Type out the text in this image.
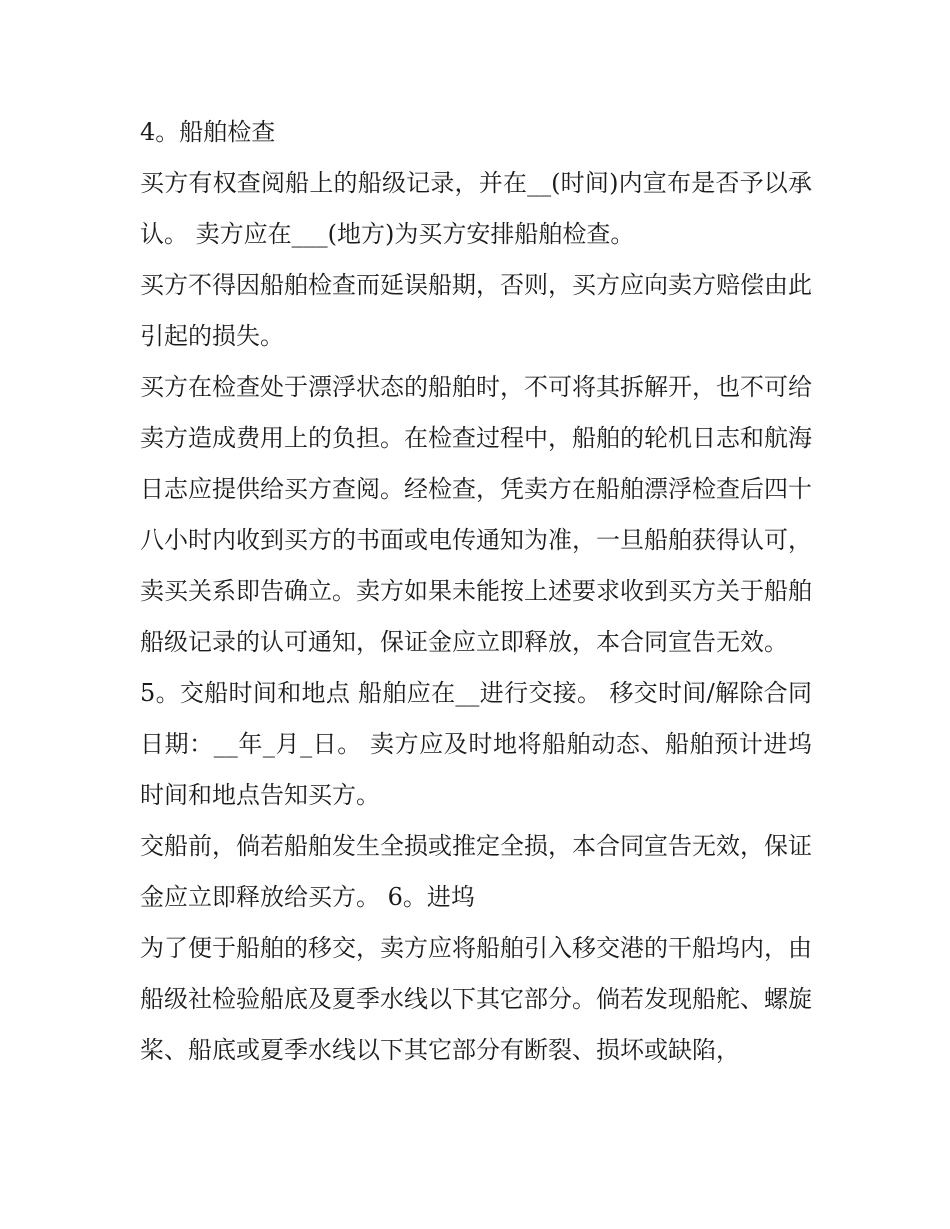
4。船舶检查

买方有权查阅船上的船级记录，并在__(时间)内宣布是否予以承认。 卖方应在___(地方)为买方安排船舶检查。

买方不得因船舶检查而延误船期，否则，买方应向卖方赔偿由此引起的损失。

买方在检查处于漂浮状态的船舶时，不可将其拆解开，也不可给卖方造成费用上的负担。在检查过程中，船舶的轮机日志和航海日志应提供给买方查阅。经检查，凭卖方在船舶漂浮检查后四十八小时内收到买方的书面或电传通知为准，一旦船舶获得认可，卖买关系即告确立。卖方如果未能按上述要求收到买方关于船舶船级记录的认可通知，保证金应立即释放，本合同宣告无效。

5。交船时间和地点 船舶应在__进行交接。 移交时间/解除合同日期：__年_月_日。 卖方应及时地将船舶动态、船舶预计进坞时间和地点告知买方。

交船前，倘若船舶发生全损或推定全损，本合同宣告无效，保证金应立即释放给买方。 6。进坞

为了便于船舶的移交，卖方应将船舶引入移交港的干船坞内，由船级社检验船底及夏季水线以下其它部分。倘若发现船舵、螺旋桨、船底或夏季水线以下其它部分有断裂、损坏或缺陷，
